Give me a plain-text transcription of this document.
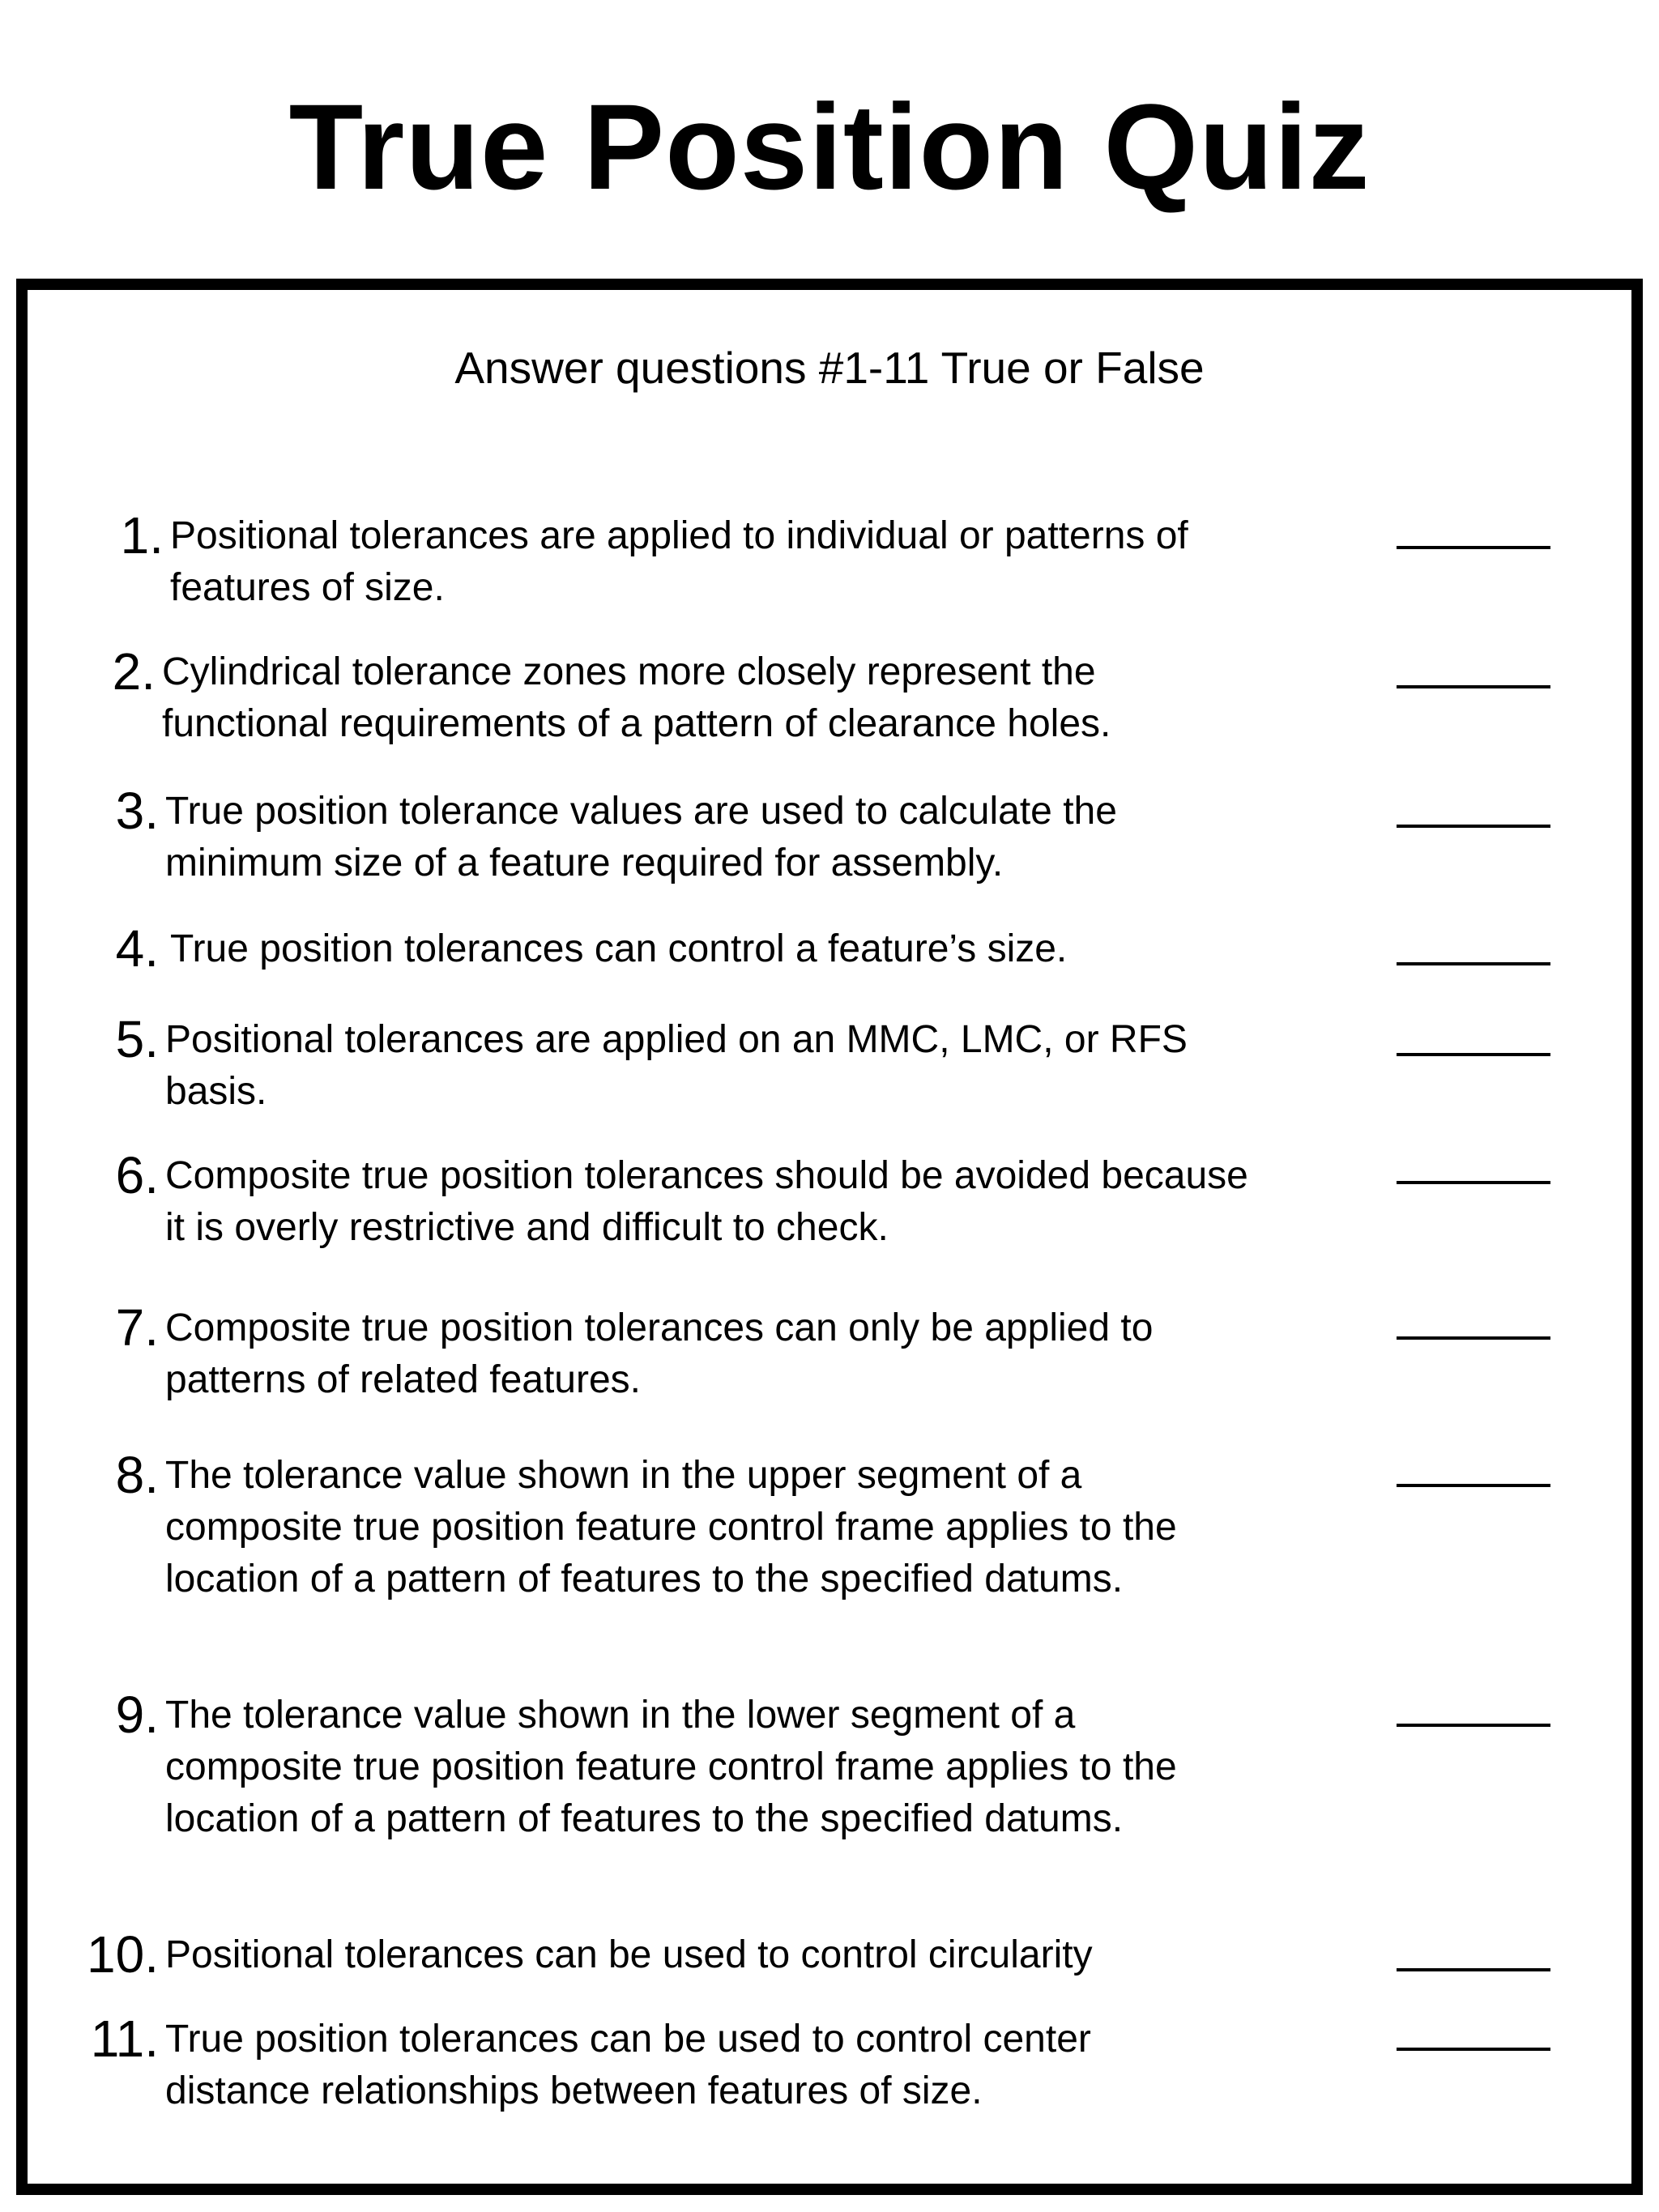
True Position Quiz
Answer questions #1-11 True or False
1. Positional tolerances are applied to individual or patterns of features of size.
2. Cylindrical tolerance zones more closely represent the functional requirements of a pattern of clearance holes.
3. True position tolerance values are used to calculate the minimum size of a feature required for assembly.
4. True position tolerances can control a feature’s size.
5. Positional tolerances are applied on an MMC, LMC, or RFS basis.
6. Composite true position tolerances should be avoided because it is overly restrictive and difficult to check.
7. Composite true position tolerances can only be applied to patterns of related features.
8. The tolerance value shown in the upper segment of a composite true position feature control frame applies to the location of a pattern of features to the specified datums.
9. The tolerance value shown in the lower segment of a composite true position feature control frame applies to the location of a pattern of features to the specified datums.
10. Positional tolerances can be used to control circularity
11. True position tolerances can be used to control center distance relationships between features of size.
